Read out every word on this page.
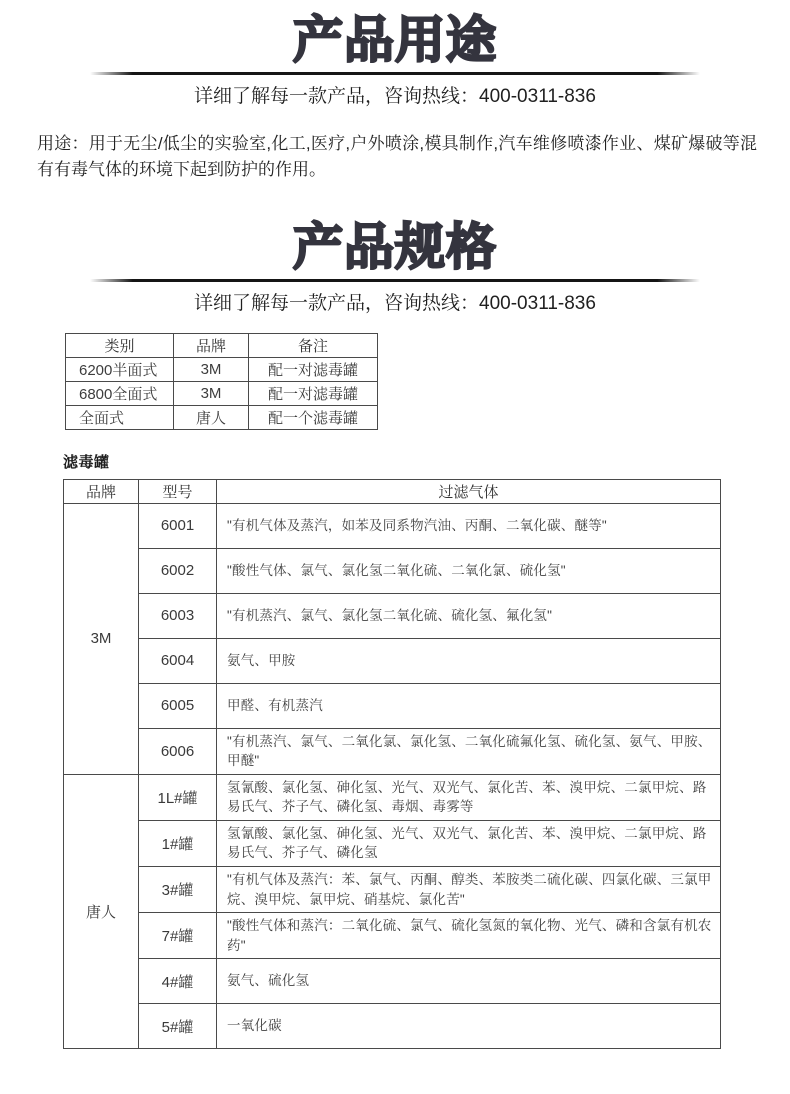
产品用途

详细了解每一款产品，咨询热线：400-0311-836

用途：用于无尘/低尘的实验室,化工,医疗,户外喷涂,模具制作,汽车维修喷漆作业、煤矿爆破等混有有毒气体的环境下起到防护的作用。

产品规格

详细了解每一款产品，咨询热线：400-0311-836

类别	品牌	备注
6200半面式	3M	配一对滤毒罐
6800全面式	3M	配一对滤毒罐
全面式	唐人	配一个滤毒罐
滤毒罐
品牌	型号	过滤气体
3M	6001	"有机气体及蒸汽，如苯及同系物汽油、丙酮、二氧化碳、醚等"
	6002	"酸性气体、氯气、氯化氢二氧化硫、二氧化氯、硫化氢"
	6003	"有机蒸汽、氯气、氯化氢二氧化硫、硫化氢、氟化氢"
	6004	氨气、甲胺
	6005	甲醛、有机蒸汽
	6006	"有机蒸汽、氯气、二氧化氯、氯化氢、二氧化硫氟化氢、硫化氢、氨气、甲胺、甲醚"
唐人	1L#罐	氢氰酸、氯化氢、砷化氢、光气、双光气、氯化苦、苯、溴甲烷、二氯甲烷、路易氏气、芥子气、磷化氢、毒烟、毒雾等
	1#罐	氢氰酸、氯化氢、砷化氢、光气、双光气、氯化苦、苯、溴甲烷、二氯甲烷、路易氏气、芥子气、磷化氢
	3#罐	"有机气体及蒸汽：苯、氯气、丙酮、醇类、苯胺类二硫化碳、四氯化碳、三氯甲烷、溴甲烷、氯甲烷、硝基烷、氯化苦"
	7#罐	"酸性气体和蒸汽：二氧化硫、氯气、硫化氢氮的氧化物、光气、磷和含氯有机农药"
	4#罐	氨气、硫化氢
	5#罐	一氧化碳
